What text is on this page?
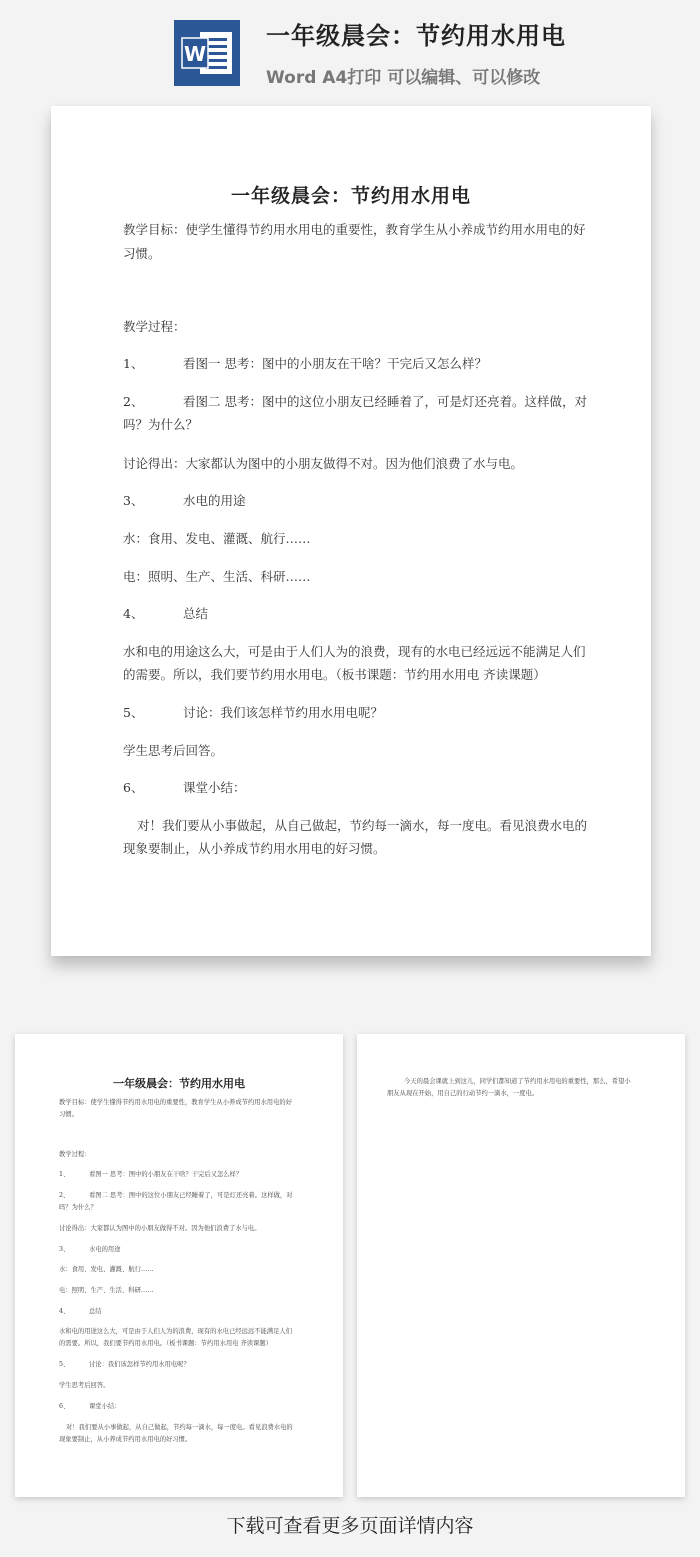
W
一年级晨会：节约用水用电
Word A4打印 可以编辑、可以修改
一年级晨会：节约用水用电
教学目标：使学生懂得节约用水用电的重要性，教育学生从小养成节约用水用电的好
习惯。
教学过程：
1、	看图一 思考：图中的小朋友在干啥？干完后又怎么样？
2、	看图二 思考：图中的这位小朋友已经睡着了，可是灯还亮着。这样做，对
吗？为什么？
讨论得出：大家都认为图中的小朋友做得不对。因为他们浪费了水与电。
3、	水电的用途
水：食用、发电、灌溉、航行……
电：照明、生产、生活、科研……
4、	总结
水和电的用途这么大，可是由于人们人为的浪费，现有的水电已经远远不能满足人们
的需要。所以，我们要节约用水用电。（板书课题：节约用水用电 齐读课题）
5、	讨论：我们该怎样节约用水用电呢？
学生思考后回答。
6、	课堂小结：
对！我们要从小事做起，从自己做起，节约每一滴水，每一度电。看见浪费水电的
现象要制止，从小养成节约用水用电的好习惯。
一年级晨会：节约用水用电
教学目标：使学生懂得节约用水用电的重要性，教育学生从小养成节约用水用电的好
习惯。
教学过程：
1、	看图一 思考：图中的小朋友在干啥？干完后又怎么样？
2、	看图二 思考：图中的这位小朋友已经睡着了，可是灯还亮着。这样做，对
吗？为什么？
讨论得出：大家都认为图中的小朋友做得不对。因为他们浪费了水与电。
3、	水电的用途
水：食用、发电、灌溉、航行……
电：照明、生产、生活、科研……
4、	总结
水和电的用途这么大，可是由于人们人为的浪费，现有的水电已经远远不能满足人们
的需要。所以，我们要节约用水用电。（板书课题：节约用水用电 齐读课题）
5、	讨论：我们该怎样节约用水用电呢？
学生思考后回答。
6、	课堂小结：
对！我们要从小事做起，从自己做起，节约每一滴水，每一度电。看见浪费水电的
现象要制止，从小养成节约用水用电的好习惯。
今天的晨会课就上到这儿，同学们都知道了节约用水用电的重要性，那么，希望小
朋友从现在开始，用自己的行动节约一滴水，一度电。
下载可查看更多页面详情内容
